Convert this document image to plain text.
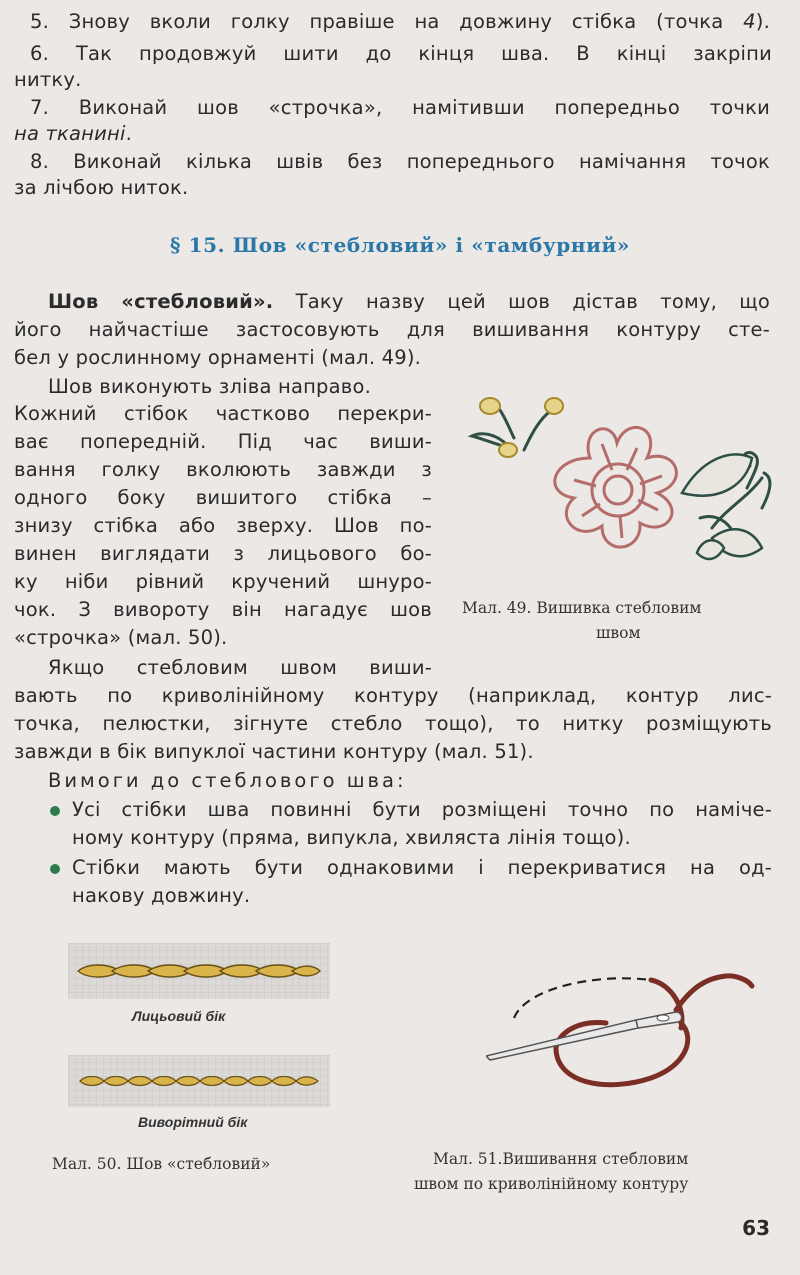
5. Знову вколи голку правіше на довжину стібка (точка 4).
6. Так продовжуй шити до кінця шва. В кінці закріпи
нитку.
7. Виконай шов «строчка», намітивши попередньо точки
на тканині.
8. Виконай кілька швів без попереднього намічання точок
за лічбою ниток.
§ 15. Шов «стебловий» і «тамбурний»
Шов «стебловий». Таку назву цей шов дістав тому, що
його найчастіше застосовують для вишивання контуру сте-
бел у рослинному орнаменті (мал. 49).
Шов виконують зліва направо.
Кожний стібок частково перекри-
ває попередній. Під час виши-
вання голку вколюють завжди з
одного боку вишитого стібка –
знизу стібка або зверху. Шов по-
винен виглядати з лицьового бо-
ку ніби рівний кручений шнуро-
чок. З вивороту він нагадує шов
«строчка» (мал. 50).
Якщо стебловим швом виши-
вають по криволінійному контуру (наприклад, контур лис-
точка, пелюстки, зігнуте стебло тощо), то нитку розміщують
завжди в бік випуклої частини контуру (мал. 51).
Вимоги до стеблового шва:
Усі стібки шва повинні бути розміщені точно по наміче-
ному контуру (пряма, випукла, хвиляста лінія тощо).
Стібки мають бути однаковими і перекриватися на од-
накову довжину.
Мал. 49. Вишивка стебловим
швом
Лицьовий бік
Виворітний бік
Мал. 50. Шов «стебловий»	Мал. 51.Вишивання стебловим
швом по криволінійному контуру
63
